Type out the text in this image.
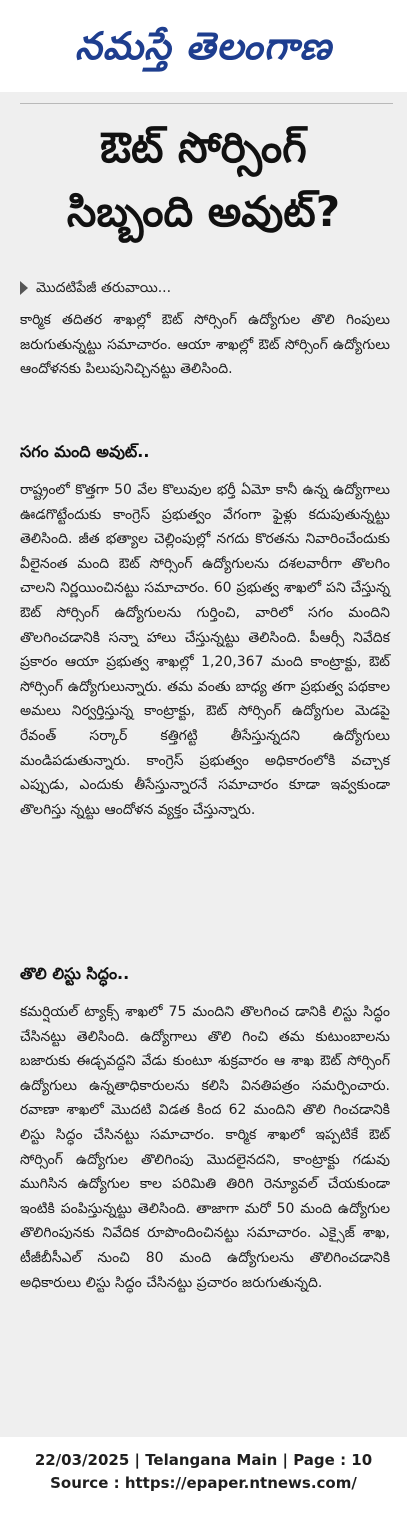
నమస్తే తెలంగాణ
ఔట్ సోర్సింగ్
సిబ్బంది అవుట్?
మొదటిపేజీ తరువాయి...
కార్మిక తదితర శాఖల్లో ఔట్ సోర్సింగ్ ఉద్యోగుల తొలి గింపులు జరుగుతున్నట్టు సమాచారం. ఆయా శాఖల్లో ఔట్ సోర్సింగ్ ఉద్యోగులు ఆందోళనకు పిలుపునిచ్చినట్టు తెలిసింది.
సగం మంది అవుట్..
రాష్ట్రంలో కొత్తగా 50 వేల కొలువుల భర్తీ ఏమో కానీ ఉన్న ఉద్యోగాలు ఊడగొట్టేందుకు కాంగ్రెస్ ప్రభుత్వం వేగంగా ఫైళ్లు కదుపుతున్నట్టు తెలిసింది. జీత భత్యాల చెల్లింపుల్లో నగదు కొరతను నివారించేందుకు వీలైనంత మంది ఔట్ సోర్సింగ్ ఉద్యోగులను దశలవారీగా తొలగిం చాలని నిర్ణయించినట్టు సమాచారం. 60 ప్రభుత్వ శాఖలో పని చేస్తున్న ఔట్ సోర్సింగ్ ఉద్యోగులను గుర్తించి, వారిలో సగం మందిని తొలగించడానికి సన్నా హాలు చేస్తున్నట్టు తెలిసింది. పీఆర్సీ నివేదిక ప్రకారం ఆయా ప్రభుత్వ శాఖల్లో 1,20,367 మంది కాంట్రాక్టు, ఔట్ సోర్సింగ్ ఉద్యోగులున్నారు. తమ వంతు బాధ్య తగా ప్రభుత్వ పథకాల అమలు నిర్వర్తిస్తున్న కాంట్రాక్టు, ఔట్ సోర్సింగ్ ఉద్యోగుల మెడపై రేవంత్ సర్కార్ కత్తిగట్టి తీసేస్తున్నదని ఉద్యోగులు మండిపడుతున్నారు. కాంగ్రెస్ ప్రభుత్వం అధికారంలోకి వచ్చాక ఎప్పుడు, ఎందుకు తీసేస్తున్నారనే సమాచారం కూడా ఇవ్వకుండా తొలగిస్తు న్నట్టు ఆందోళన వ్యక్తం చేస్తున్నారు.
తొలి లిస్టు సిద్ధం..
కమర్షియల్ ట్యాక్స్ శాఖలో 75 మందిని తొలగించ డానికి లిస్టు సిద్ధం చేసినట్టు తెలిసింది. ఉద్యోగాలు తొలి గించి తమ కుటుంబాలను బజారుకు ఈడ్చవద్దని వేడు కుంటూ శుక్రవారం ఆ శాఖ ఔట్ సోర్సింగ్ ఉద్యోగులు ఉన్నతాధికారులను కలిసి వినతిపత్రం సమర్పించారు. రవాణా శాఖలో మొదటి విడత కింద 62 మందిని తొలి గించడానికి లిస్టు సిద్ధం చేసినట్టు సమాచారం. కార్మిక శాఖలో ఇప్పటికే ఔట్ సోర్సింగ్ ఉద్యోగుల తొలిగింపు మొదలైనదని, కాంట్రాక్టు గడువు ముగిసిన ఉద్యోగుల కాల పరిమితి తిరిగి రెన్యూవల్ చేయకుండా ఇంటికి పంపిస్తున్నట్టు తెలిసింది. తాజాగా మరో 50 మంది ఉద్యోగుల తొలిగింపునకు నివేదిక రూపొందించినట్టు సమాచారం. ఎక్సైజ్ శాఖ, టీజీబీసీఎల్ నుంచి 80 మంది ఉద్యోగులను తొలిగించడానికి అధికారులు లిస్టు సిద్ధం చేసినట్టు ప్రచారం జరుగుతున్నది.
22/03/2025 | Telangana Main | Page : 10
Source : https://epaper.ntnews.com/
